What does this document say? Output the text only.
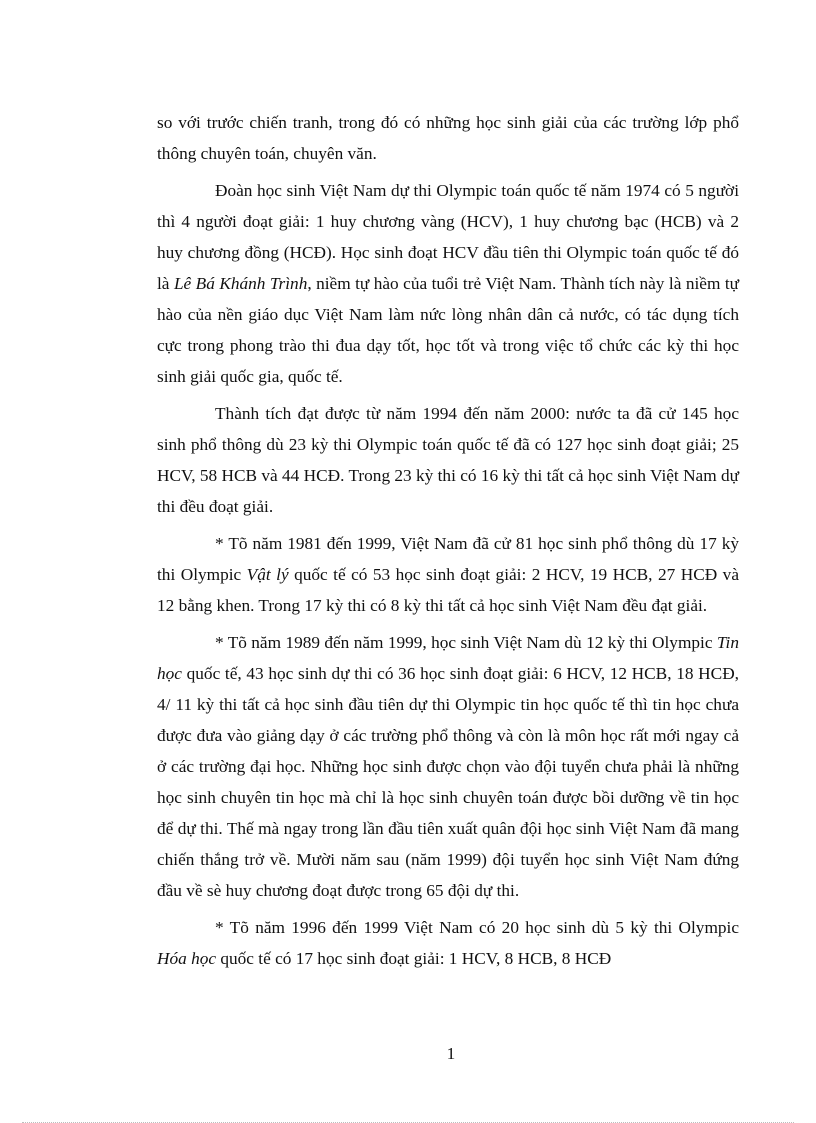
so với trước chiến tranh, trong đó có những học sinh giải của các trường lớp phổ thông chuyên toán, chuyên văn.

Đoàn học sinh Việt Nam dự thi Olympic toán quốc tế năm 1974 có 5 người thì 4 người đoạt giải: 1 huy chương vàng (HCV), 1 huy chương bạc (HCB) và 2 huy chương đồng (HCĐ). Học sinh đoạt HCV đầu tiên thi Olympic toán quốc tế đó là Lê Bá Khánh Trình, niềm tự hào của tuổi trẻ Việt Nam. Thành tích này là niềm tự hào của nền giáo dục Việt Nam làm nức lòng nhân dân cả nước, có tác dụng tích cực trong phong trào thi đua dạy tốt, học tốt và trong việc tổ chức các kỳ thi học sinh giải quốc gia, quốc tế.

Thành tích đạt được từ năm 1994 đến năm 2000: nước ta đã cử 145 học sinh phổ thông dù 23 kỳ thi Olympic toán quốc tế đã có 127 học sinh đoạt giải; 25 HCV, 58 HCB và 44 HCĐ. Trong 23 kỳ thi có 16 kỳ thi tất cả học sinh Việt Nam dự thi đều đoạt giải.

* Tõ năm 1981 đến 1999, Việt Nam đã cử 81 học sinh phổ thông dù 17 kỳ thi Olympic Vật lý quốc tế có 53 học sinh đoạt giải: 2 HCV, 19 HCB, 27 HCĐ và 12 bằng khen. Trong 17 kỳ thi có 8 kỳ thi tất cả học sinh Việt Nam đều đạt giải.

* Tõ năm 1989 đến năm 1999, học sinh Việt Nam dù 12 kỳ thi Olympic Tin học quốc tế, 43 học sinh dự thi có 36 học sinh đoạt giải: 6 HCV, 12 HCB, 18 HCĐ, 4/ 11 kỳ thi tất cả học sinh đầu tiên dự thi Olympic tin học quốc tế thì tin học chưa được đưa vào giảng dạy ở các trường phổ thông và còn là môn học rất mới ngay cả ở các trường đại học. Những học sinh được chọn vào đội tuyển chưa phải là những học sinh chuyên tin học mà chỉ là học sinh chuyên toán được bồi dưỡng về tin học để dự thi. Thế mà ngay trong lần đầu tiên xuất quân đội học sinh Việt Nam đã mang chiến thắng trở về. Mười năm sau (năm 1999) đội tuyển học sinh Việt Nam đứng đầu về sè huy chương đoạt được trong 65 đội dự thi.

* Tõ năm 1996 đến 1999 Việt Nam có 20 học sinh dù 5 kỳ thi Olympic Hóa học quốc tế có 17 học sinh đoạt giải: 1 HCV, 8 HCB, 8 HCĐ

1
